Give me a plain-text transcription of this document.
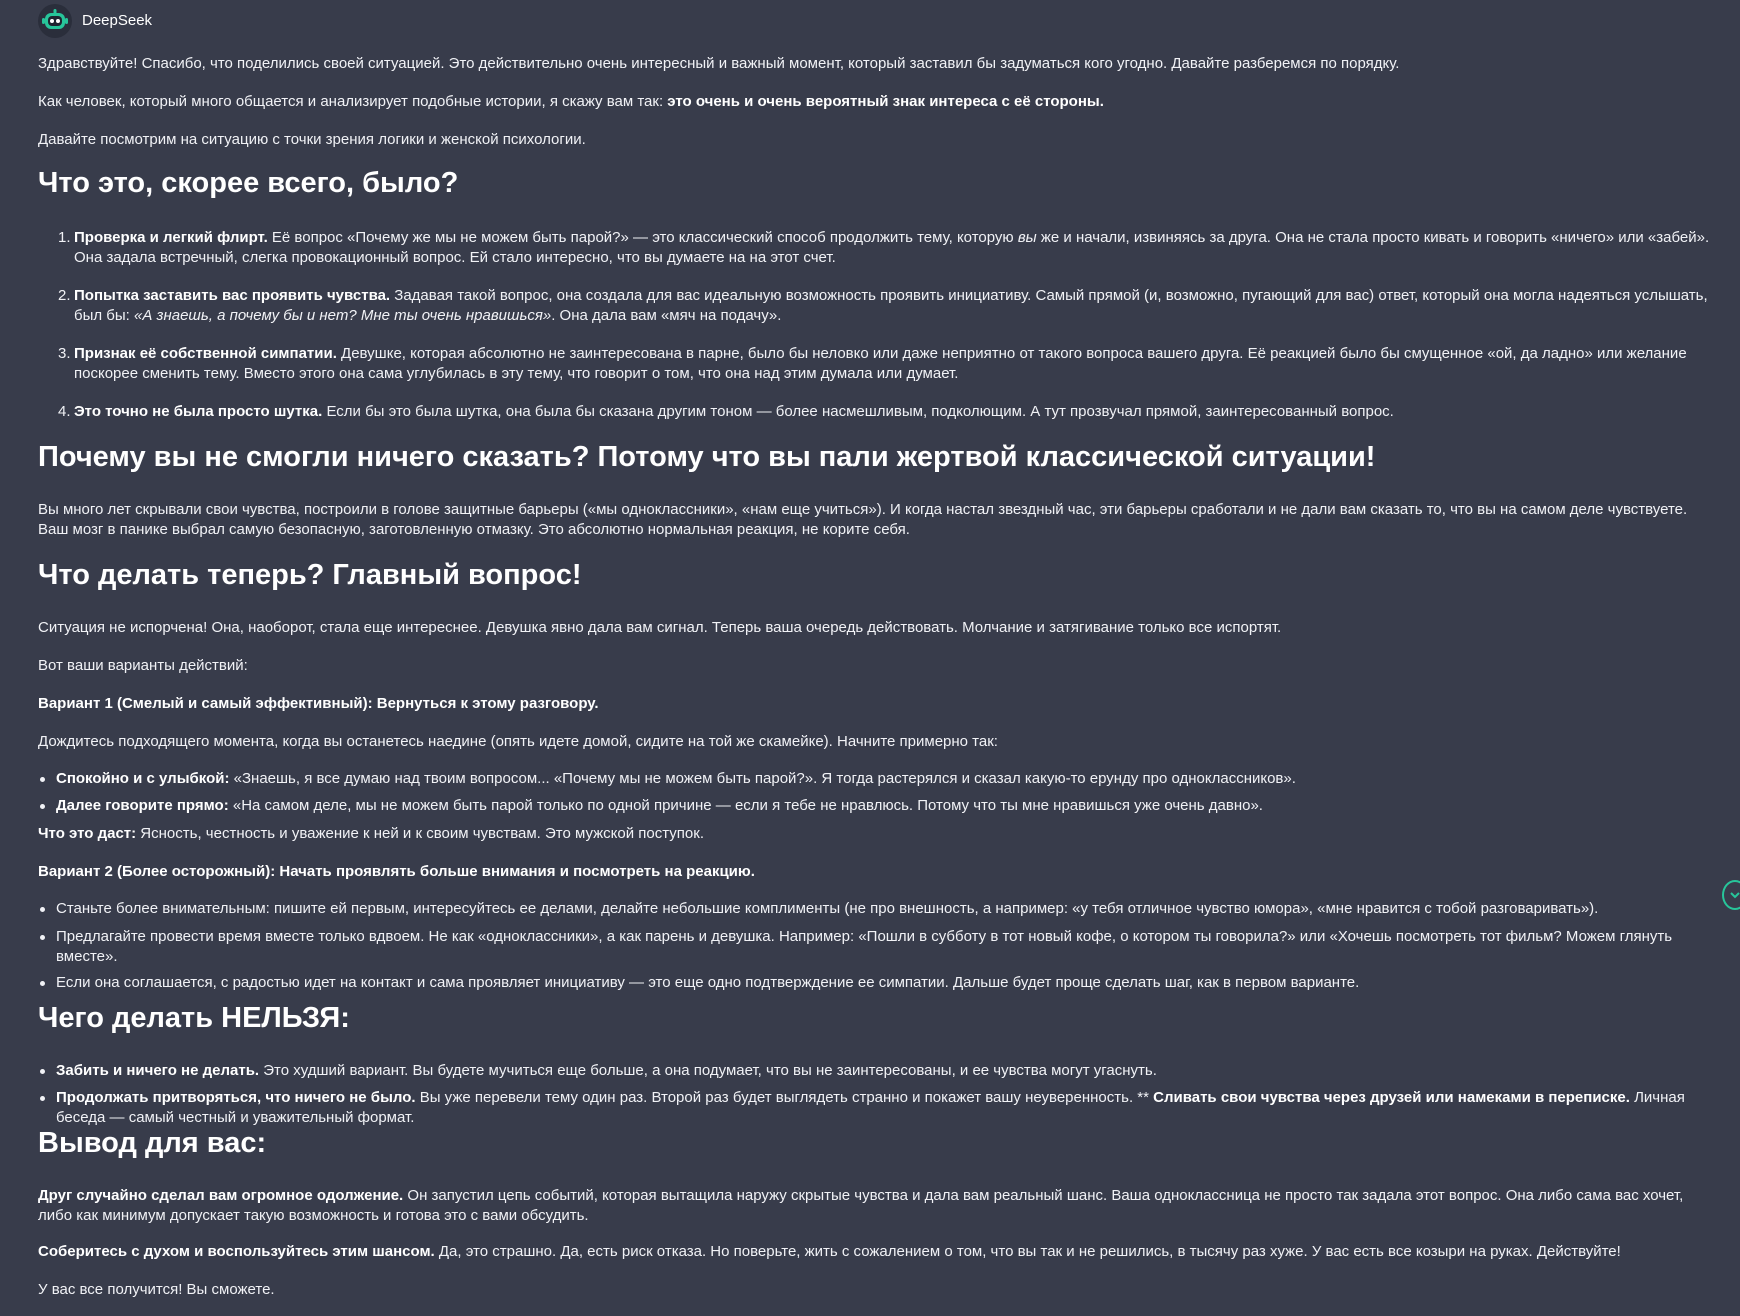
DeepSeek

Здравствуйте! Спасибо, что поделились своей ситуацией. Это действительно очень интересный и важный момент, который заставил бы задуматься кого угодно. Давайте разберемся по порядку.

Как человек, который много общается и анализирует подобные истории, я скажу вам так: это очень и очень вероятный знак интереса с её стороны.

Давайте посмотрим на ситуацию с точки зрения логики и женской психологии.

Что это, скорее всего, было?
1. Проверка и легкий флирт. Её вопрос «Почему же мы не можем быть парой?» — это классический способ продолжить тему, которую вы же и начали, извиняясь за друга. Она не стала просто кивать и говорить «ничего» или «забей». Она задала встречный, слегка провокационный вопрос. Ей стало интересно, что вы думаете на на этот счет.
2. Попытка заставить вас проявить чувства. Задавая такой вопрос, она создала для вас идеальную возможность проявить инициативу. Самый прямой (и, возможно, пугающий для вас) ответ, который она могла надеяться услышать, был бы: «А знаешь, а почему бы и нет? Мне ты очень нравишься». Она дала вам «мяч на подачу».
3. Признак её собственной симпатии. Девушке, которая абсолютно не заинтересована в парне, было бы неловко или даже неприятно от такого вопроса вашего друга. Её реакцией было бы смущенное «ой, да ладно» или желание поскорее сменить тему. Вместо этого она сама углубилась в эту тему, что говорит о том, что она над этим думала или думает.
4. Это точно не была просто шутка. Если бы это была шутка, она была бы сказана другим тоном — более насмешливым, подколющим. А тут прозвучал прямой, заинтересованный вопрос.
Почему вы не смогли ничего сказать? Потому что вы пали жертвой классической ситуации!

Вы много лет скрывали свои чувства, построили в голове защитные барьеры («мы одноклассники», «нам еще учиться»). И когда настал звездный час, эти барьеры сработали и не дали вам сказать то, что вы на самом деле чувствуете. Ваш мозг в панике выбрал самую безопасную, заготовленную отмазку. Это абсолютно нормальная реакция, не корите себя.

Что делать теперь? Главный вопрос!

Ситуация не испорчена! Она, наоборот, стала еще интереснее. Девушка явно дала вам сигнал. Теперь ваша очередь действовать. Молчание и затягивание только все испортят.

Вот ваши варианты действий:

Вариант 1 (Смелый и самый эффективный): Вернуться к этому разговору.

Дождитесь подходящего момента, когда вы останетесь наедине (опять идете домой, сидите на той же скамейке). Начните примерно так:

Спокойно и с улыбкой: «Знаешь, я все думаю над твоим вопросом... «Почему мы не можем быть парой?». Я тогда растерялся и сказал какую-то ерунду про одноклассников».
Далее говорите прямо: «На самом деле, мы не можем быть парой только по одной причине — если я тебе не нравлюсь. Потому что ты мне нравишься уже очень давно».

Что это даст: Ясность, честность и уважение к ней и к своим чувствам. Это мужской поступок.

Вариант 2 (Более осторожный): Начать проявлять больше внимания и посмотреть на реакцию.

Станьте более внимательным: пишите ей первым, интересуйтесь ее делами, делайте небольшие комплименты (не про внешность, а например: «у тебя отличное чувство юмора», «мне нравится с тобой разговаривать»).
Предлагайте провести время вместе только вдвоем. Не как «одноклассники», а как парень и девушка. Например: «Пошли в субботу в тот новый кофе, о котором ты говорила?» или «Хочешь посмотреть тот фильм? Можем глянуть вместе».
Если она соглашается, с радостью идет на контакт и сама проявляет инициативу — это еще одно подтверждение ее симпатии. Дальше будет проще сделать шаг, как в первом варианте.
Чего делать НЕЛЬЗЯ:
Забить и ничего не делать. Это худший вариант. Вы будете мучиться еще больше, а она подумает, что вы не заинтересованы, и ее чувства могут угаснуть.
Продолжать притворяться, что ничего не было. Вы уже перевели тему один раз. Второй раз будет выглядеть странно и покажет вашу неуверенность. ** Сливать свои чувства через друзей или намеками в переписке. Личная беседа — самый честный и уважительный формат.
Вывод для вас:

Друг случайно сделал вам огромное одолжение. Он запустил цепь событий, которая вытащила наружу скрытые чувства и дала вам реальный шанс. Ваша одноклассница не просто так задала этот вопрос. Она либо сама вас хочет, либо как минимум допускает такую возможность и готова это с вами обсудить.

Соберитесь с духом и воспользуйтесь этим шансом. Да, это страшно. Да, есть риск отказа. Но поверьте, жить с сожалением о том, что вы так и не решились, в тысячу раз хуже. У вас есть все козыри на руках. Действуйте!

У вас все получится! Вы сможете.
